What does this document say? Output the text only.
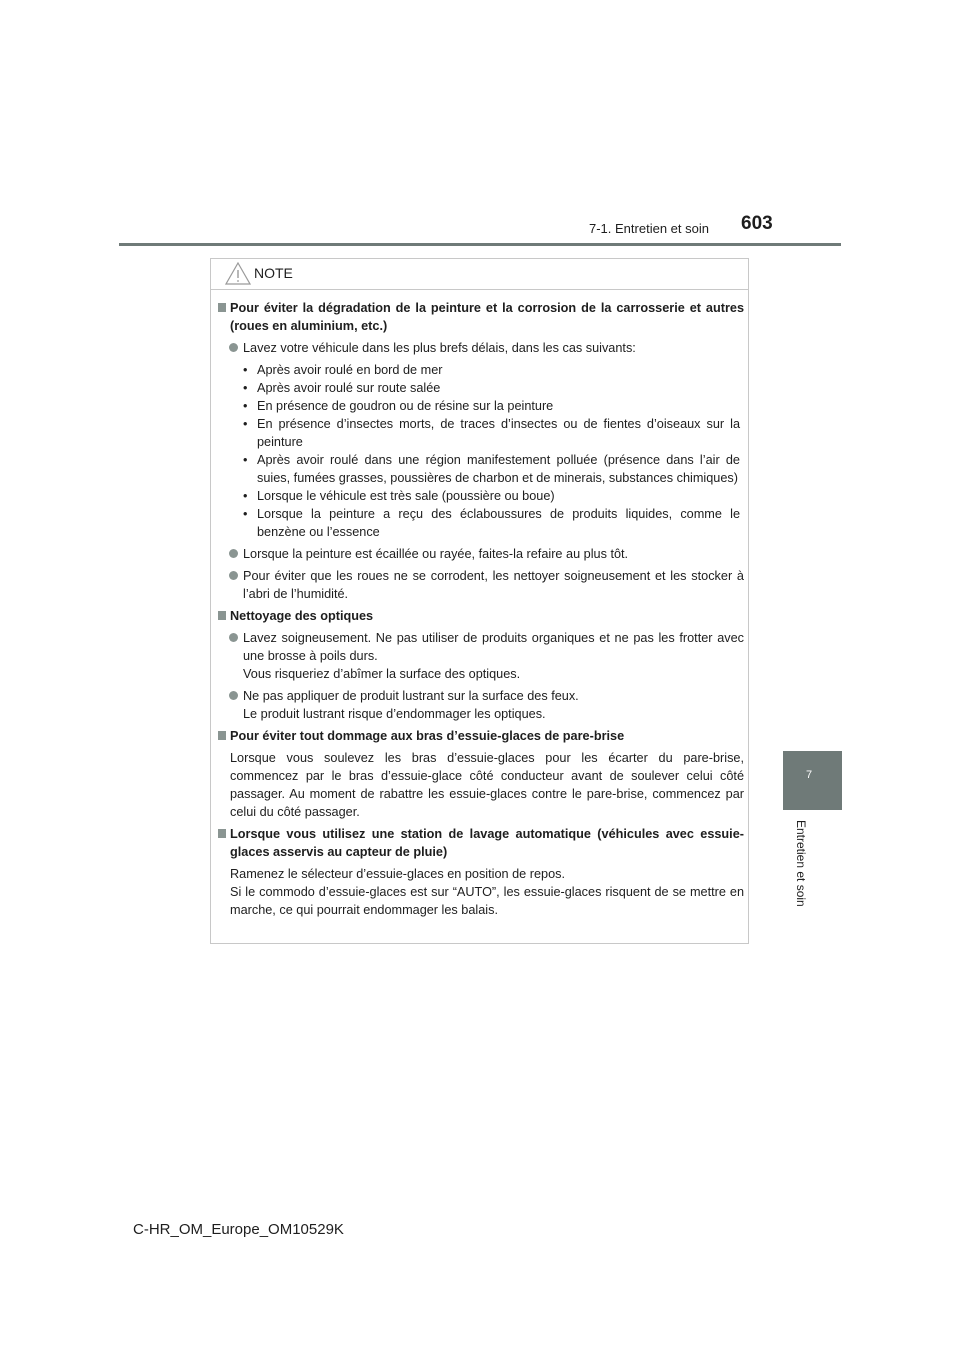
603
7-1. Entretien et soin
7
Entretien et soin
NOTE
Pour éviter la dégradation de la peinture et la corrosion de la carrosserie et autres (roues en aluminium, etc.)
Lavez votre véhicule dans les plus brefs délais, dans les cas suivants:
• Après avoir roulé en bord de mer
• Après avoir roulé sur route salée
• En présence de goudron ou de résine sur la peinture
• En présence d’insectes morts, de traces d’insectes ou de fientes d’oiseaux sur la peinture
• Après avoir roulé dans une région manifestement polluée (présence dans l’air de suies, fumées grasses, poussières de charbon et de minerais, substances chimiques)
• Lorsque le véhicule est très sale (poussière ou boue)
• Lorsque la peinture a reçu des éclaboussures de produits liquides, comme le benzène ou l’essence
Lorsque la peinture est écaillée ou rayée, faites-la refaire au plus tôt.
Pour éviter que les roues ne se corrodent, les nettoyer soigneusement et les stocker à l’abri de l’humidité.
Nettoyage des optiques
Lavez soigneusement. Ne pas utiliser de produits organiques et ne pas les frotter avec une brosse à poils durs.
Vous risqueriez d’abîmer la surface des optiques.
Ne pas appliquer de produit lustrant sur la surface des feux.
Le produit lustrant risque d’endommager les optiques.
Pour éviter tout dommage aux bras d’essuie-glaces de pare-brise
Lorsque vous soulevez les bras d’essuie-glaces pour les écarter du pare-brise, commencez par le bras d’essuie-glace côté conducteur avant de soulever celui côté passager. Au moment de rabattre les essuie-glaces contre le pare-brise, commencez par celui du côté passager.
Lorsque vous utilisez une station de lavage automatique (véhicules avec essuie-glaces asservis au capteur de pluie)
Ramenez le sélecteur d’essuie-glaces en position de repos.
Si le commodo d’essuie-glaces est sur “AUTO”, les essuie-glaces risquent de se mettre en marche, ce qui pourrait endommager les balais.
C-HR_OM_Europe_OM10529K
